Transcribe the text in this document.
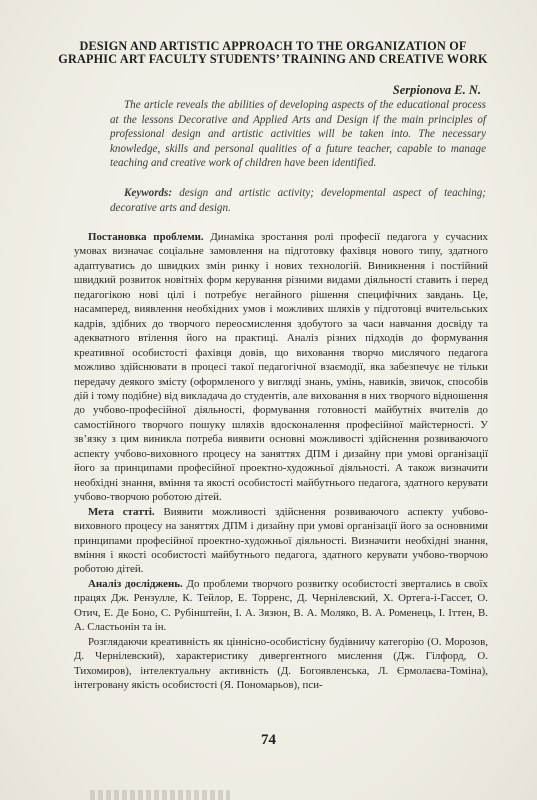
DESIGN AND ARTISTIC APPROACH TO THE ORGANIZATION OF GRAPHIC ART FACULTY STUDENTS’ TRAINING AND CREATIVE WORK
Serpionova E. N.
The article reveals the abilities of developing aspects of the educational process at the lessons Decorative and Applied Arts and Design if the main principles of professional design and artistic activities will be taken into. The necessary knowledge, skills and personal qualities of a future teacher, capable to manage teaching and creative work of children have been identified.
Keywords: design and artistic activity; developmental aspect of teaching; decorative arts and design.

Постановка проблеми. Динаміка зростання ролі професії педагога у сучасних умовах визначає соціальне замовлення на підготовку фахівця нового типу, здатного адаптуватись до швидких змін ринку і нових технологій. Виникнення і постійний швидкий розвиток новітніх форм керування різними видами діяльності ставить і перед педагогікою нові цілі і потребує негайного рішення специфічних завдань. Це, насамперед, виявлення необхідних умов і можливих шляхів у підготовці вчительських кадрів, здібних до творчого переосмислення здобутого за часи навчання досвіду та адекватного втілення його на практиці. Аналіз різних підходів до формування креативної особистості фахівця довів, що виховання творчо мислячого педагога можливо здійснювати в процесі такої педагогічної взаємодії, яка забезпечує не тільки передачу деякого змісту (оформленого у вигляді знань, умінь, навиків, звичок, способів дій і тому подібне) від викладача до студентів, але виховання в них творчого відношення до учбово-професійної діяльності, формування готовності майбутніх вчителів до самостійного творчого пошуку шляхів вдосконалення професійної майстерності. У зв’язку з цим виникла потреба виявити основні можливості здійснення розвиваючого аспекту учбово-виховного процесу на заняттях ДПМ і дизайну при умові організації його за принципами професійної проектно-художньої діяльності. А також визначити необхідні знання, вміння та якості особистості майбутнього педагога, здатного керувати учбово-творчою роботою дітей.

Мета статті. Виявити можливості здійснення розвиваючого аспекту учбово-виховного процесу на заняттях ДПМ і дизайну при умові організації його за основними принципами професійної проектно-художньої діяльності. Визначити необхідні знання, вміння і якості особистості майбутнього педагога, здатного керувати учбово-творчою роботою дітей.

Аналіз досліджень. До проблеми творчого розвитку особистості звертались в своїх працях Дж. Рензулле, К. Тейлор, Е. Торренс, Д. Чернілевский, Х. Ортега-і-Гассет, О. Отич, Е. Де Боно, С. Рубінштейн, І. А. Зязюн, В. А. Моляко, В. А. Роменець, І. Іттен, В. А. Сластьонін та ін.

Розглядаючи креативність як цінніснo-особистісну будівничу категорію (О. Морозов, Д. Чернілевский), характеристику дивергентного мислення (Дж. Гілфорд, О. Тихомиров), інтелектуальну активність (Д. Богоявленська, Л. Єрмолаєва-Томіна), інтегровану якість особистості (Я. Пономарьов), пси-

74
